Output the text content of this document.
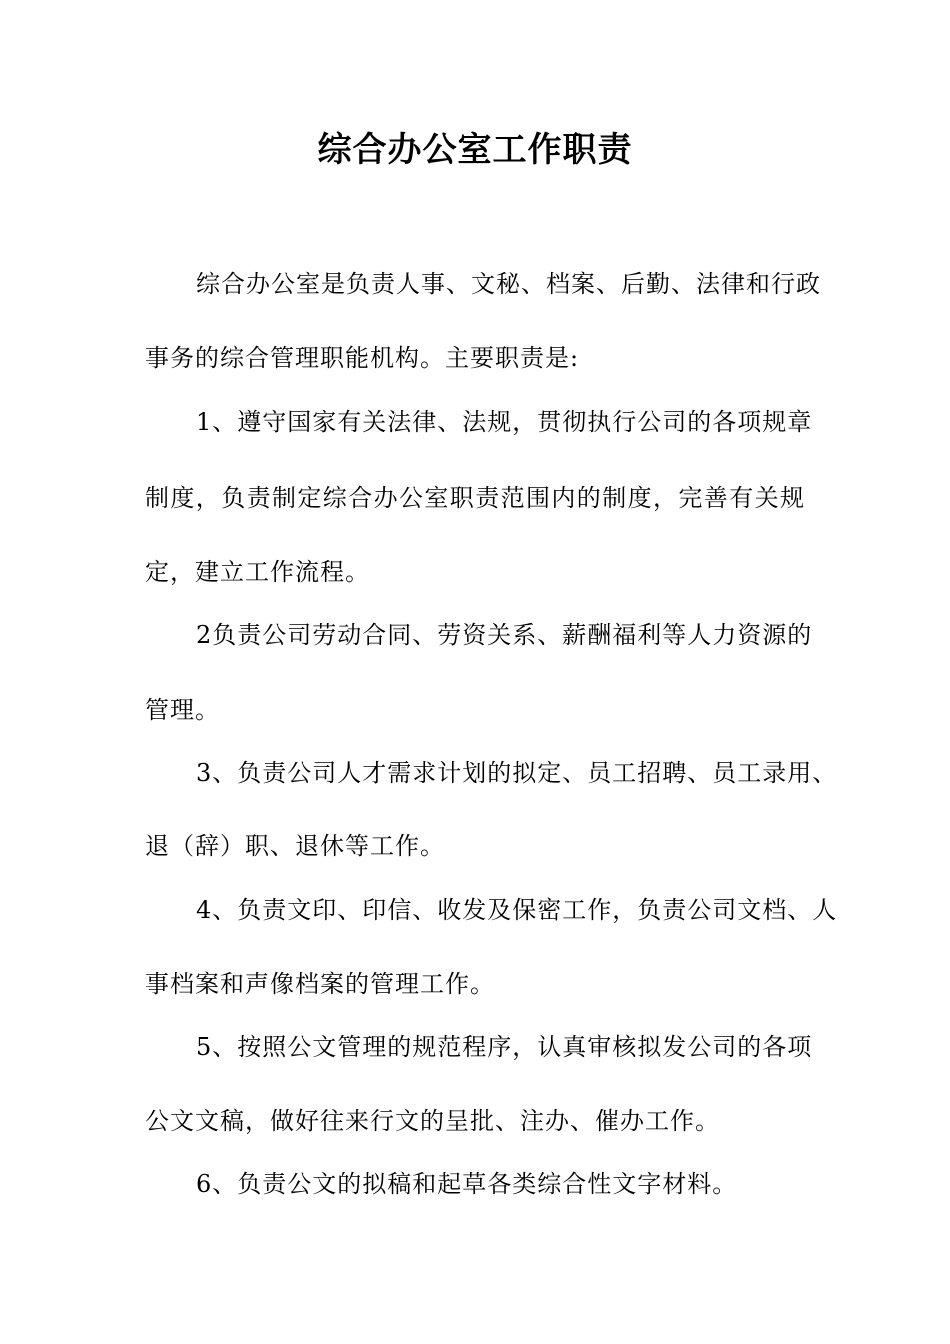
综合办公室工作职责
综合办公室是负责人事、文秘、档案、后勤、法律和行政
事务的综合管理职能机构。主要职责是:
1、遵守国家有关法律、法规，贯彻执行公司的各项规章
制度，负责制定综合办公室职责范围内的制度，完善有关规
定，建立工作流程。
2负责公司劳动合同、劳资关系、薪酬福利等人力资源的
管理。
3、负责公司人才需求计划的拟定、员工招聘、员工录用、
退（辞）职、退休等工作。
4、负责文印、印信、收发及保密工作，负责公司文档、人
事档案和声像档案的管理工作。
5、按照公文管理的规范程序，认真审核拟发公司的各项
公文文稿，做好往来行文的呈批、注办、催办工作。
6、负责公文的拟稿和起草各类综合性文字材料。
